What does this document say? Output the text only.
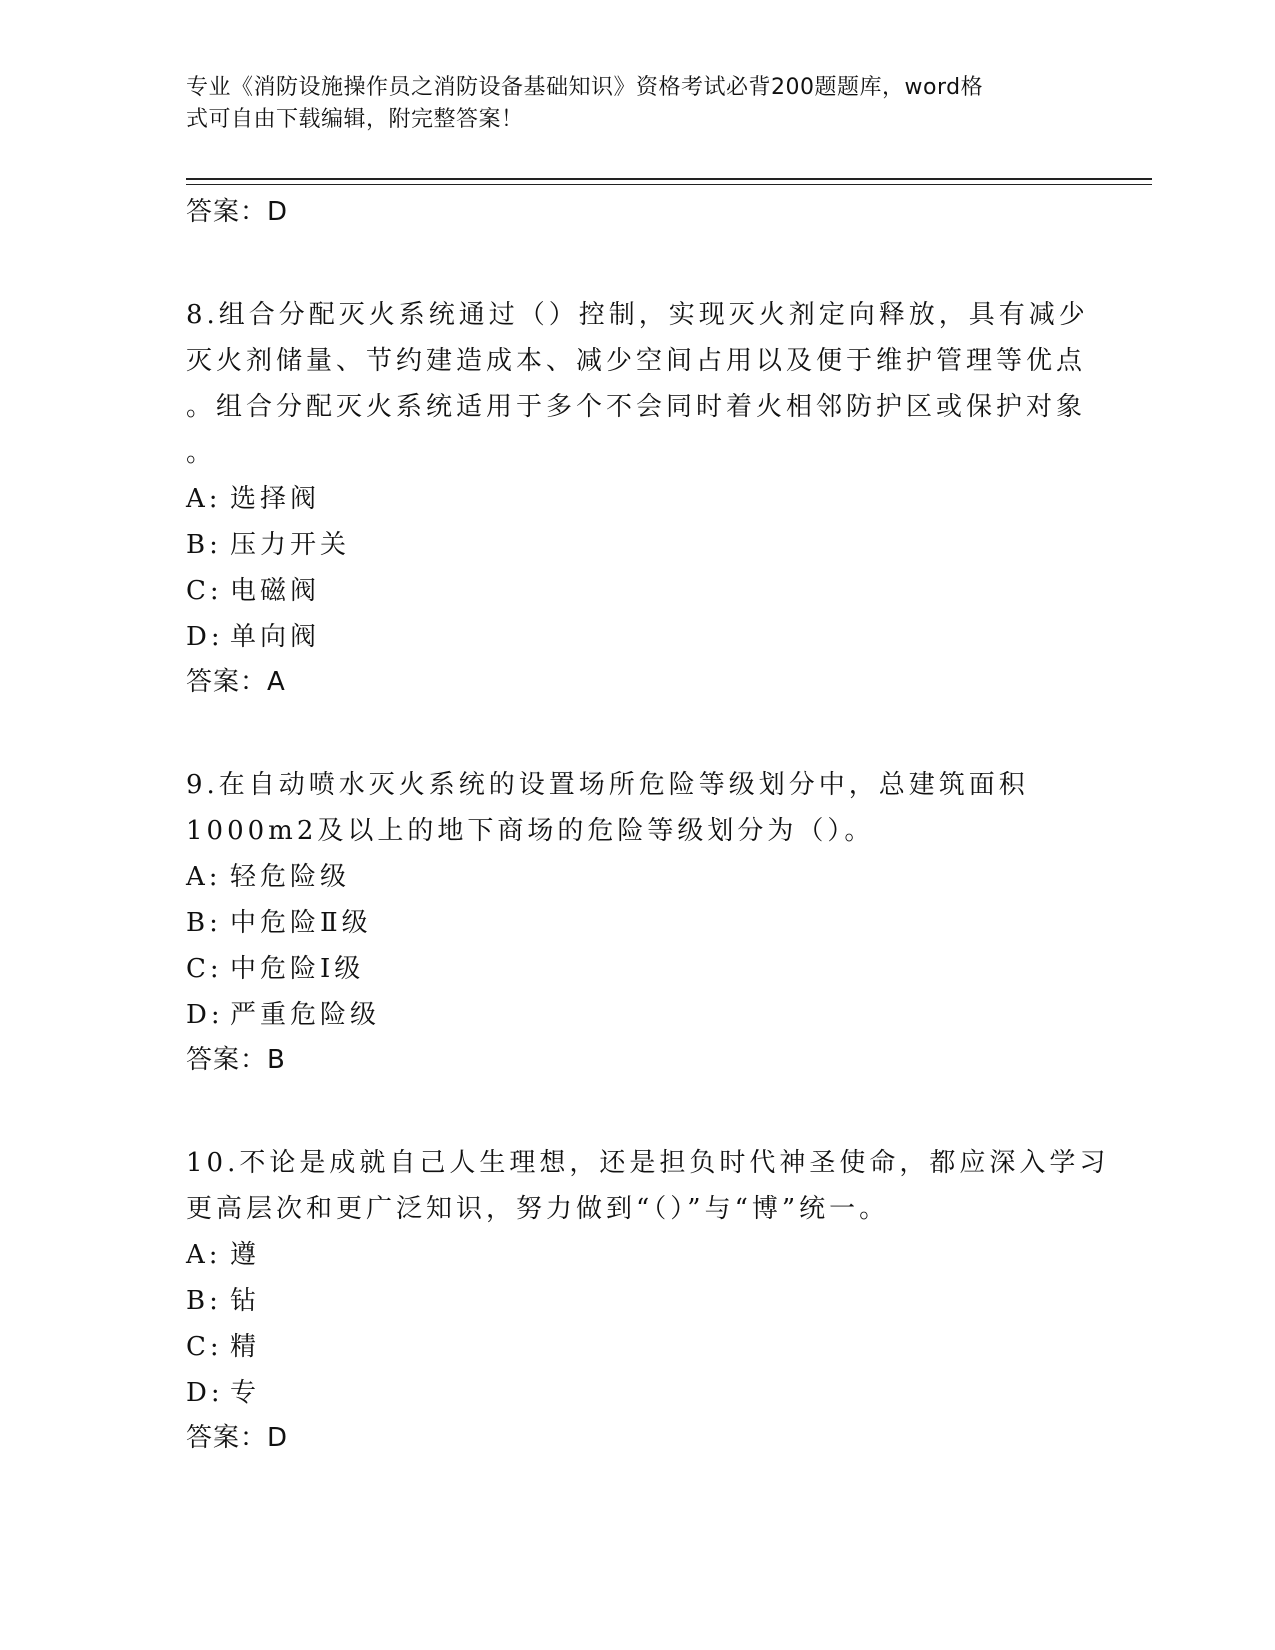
专业《消防设施操作员之消防设备基础知识》资格考试必背200题题库，word格
式可自由下载编辑，附完整答案！
答案：D
8.组合分配灭火系统通过（）控制，实现灭火剂定向释放，具有减少
灭火剂储量、节约建造成本、减少空间占用以及便于维护管理等优点
。组合分配灭火系统适用于多个不会同时着火相邻防护区或保护对象
。
A: 选择阀
B: 压力开关
C: 电磁阀
D: 单向阀
答案：A
9.在自动喷水灭火系统的设置场所危险等级划分中，总建筑面积
1000m2及以上的地下商场的危险等级划分为（）。
A: 轻危险级
B: 中危险Ⅱ级
C: 中危险Ⅰ级
D: 严重危险级
答案：B
10.不论是成就自己人生理想，还是担负时代神圣使命，都应深入学习
更高层次和更广泛知识，努力做到“（）”与“博”统一。
A: 遵
B: 钻
C: 精
D: 专
答案：D
